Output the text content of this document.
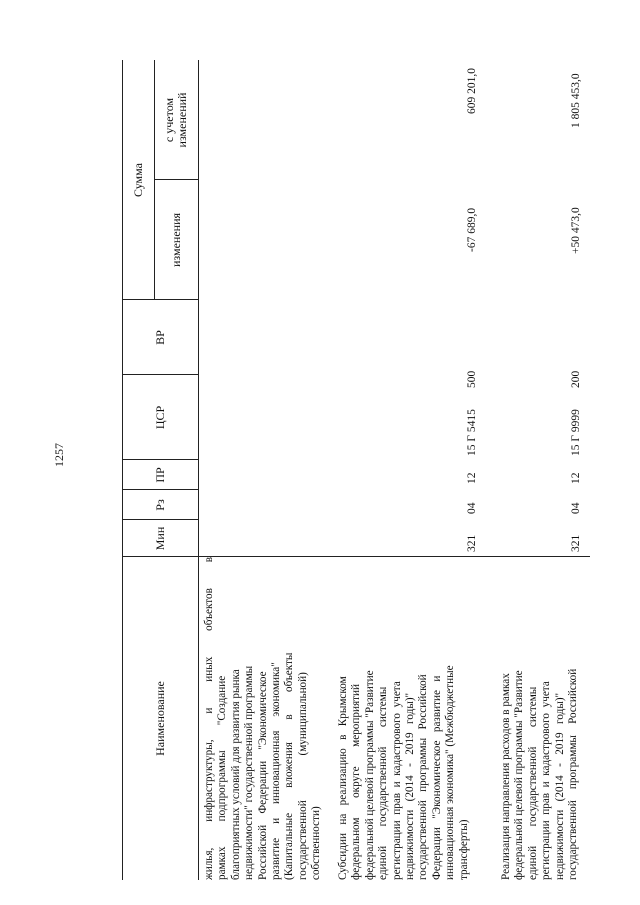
1257
Наименование
Мин
Рз
ПР
ЦСР
ВР
Сумма
изменения
с учетом изменений
жилья, инфраструктуры, и иных объектов в рамках         подпрограммы         "Создание благоприятных условий для развития рынка недвижимости" государственной программы Российской    Федерации    "Экономическое развитие     и     инновационная     экономика" (Капитальные         вложения        в        объекты государственной                (муниципальной) собственности) Субсидии   на   реализацию   в   Крымском федеральном       округе       мероприятий федеральной целевой программы "Развитие единой       государственной       системы регистрации  прав  и  кадастрового  учета недвижимости   (2014   -   2019   годы)" государственной   программы   Российской Федерации   "Экономическое   развитие   и инновационная экономика" (Межбюджетные трансферты)
321
04
12
15 Г 5415
500
-67 689,0
609 201,0
Реализация направления расходов в рамках федеральной целевой программы "Развитие единой       государственной       системы регистрации  прав  и  кадастрового  учета недвижимости   (2014   -   2019   годы)" государственной    программы    Российской
321
04
12
15 Г 9999
200
+50 473,0
1 805 453,0
